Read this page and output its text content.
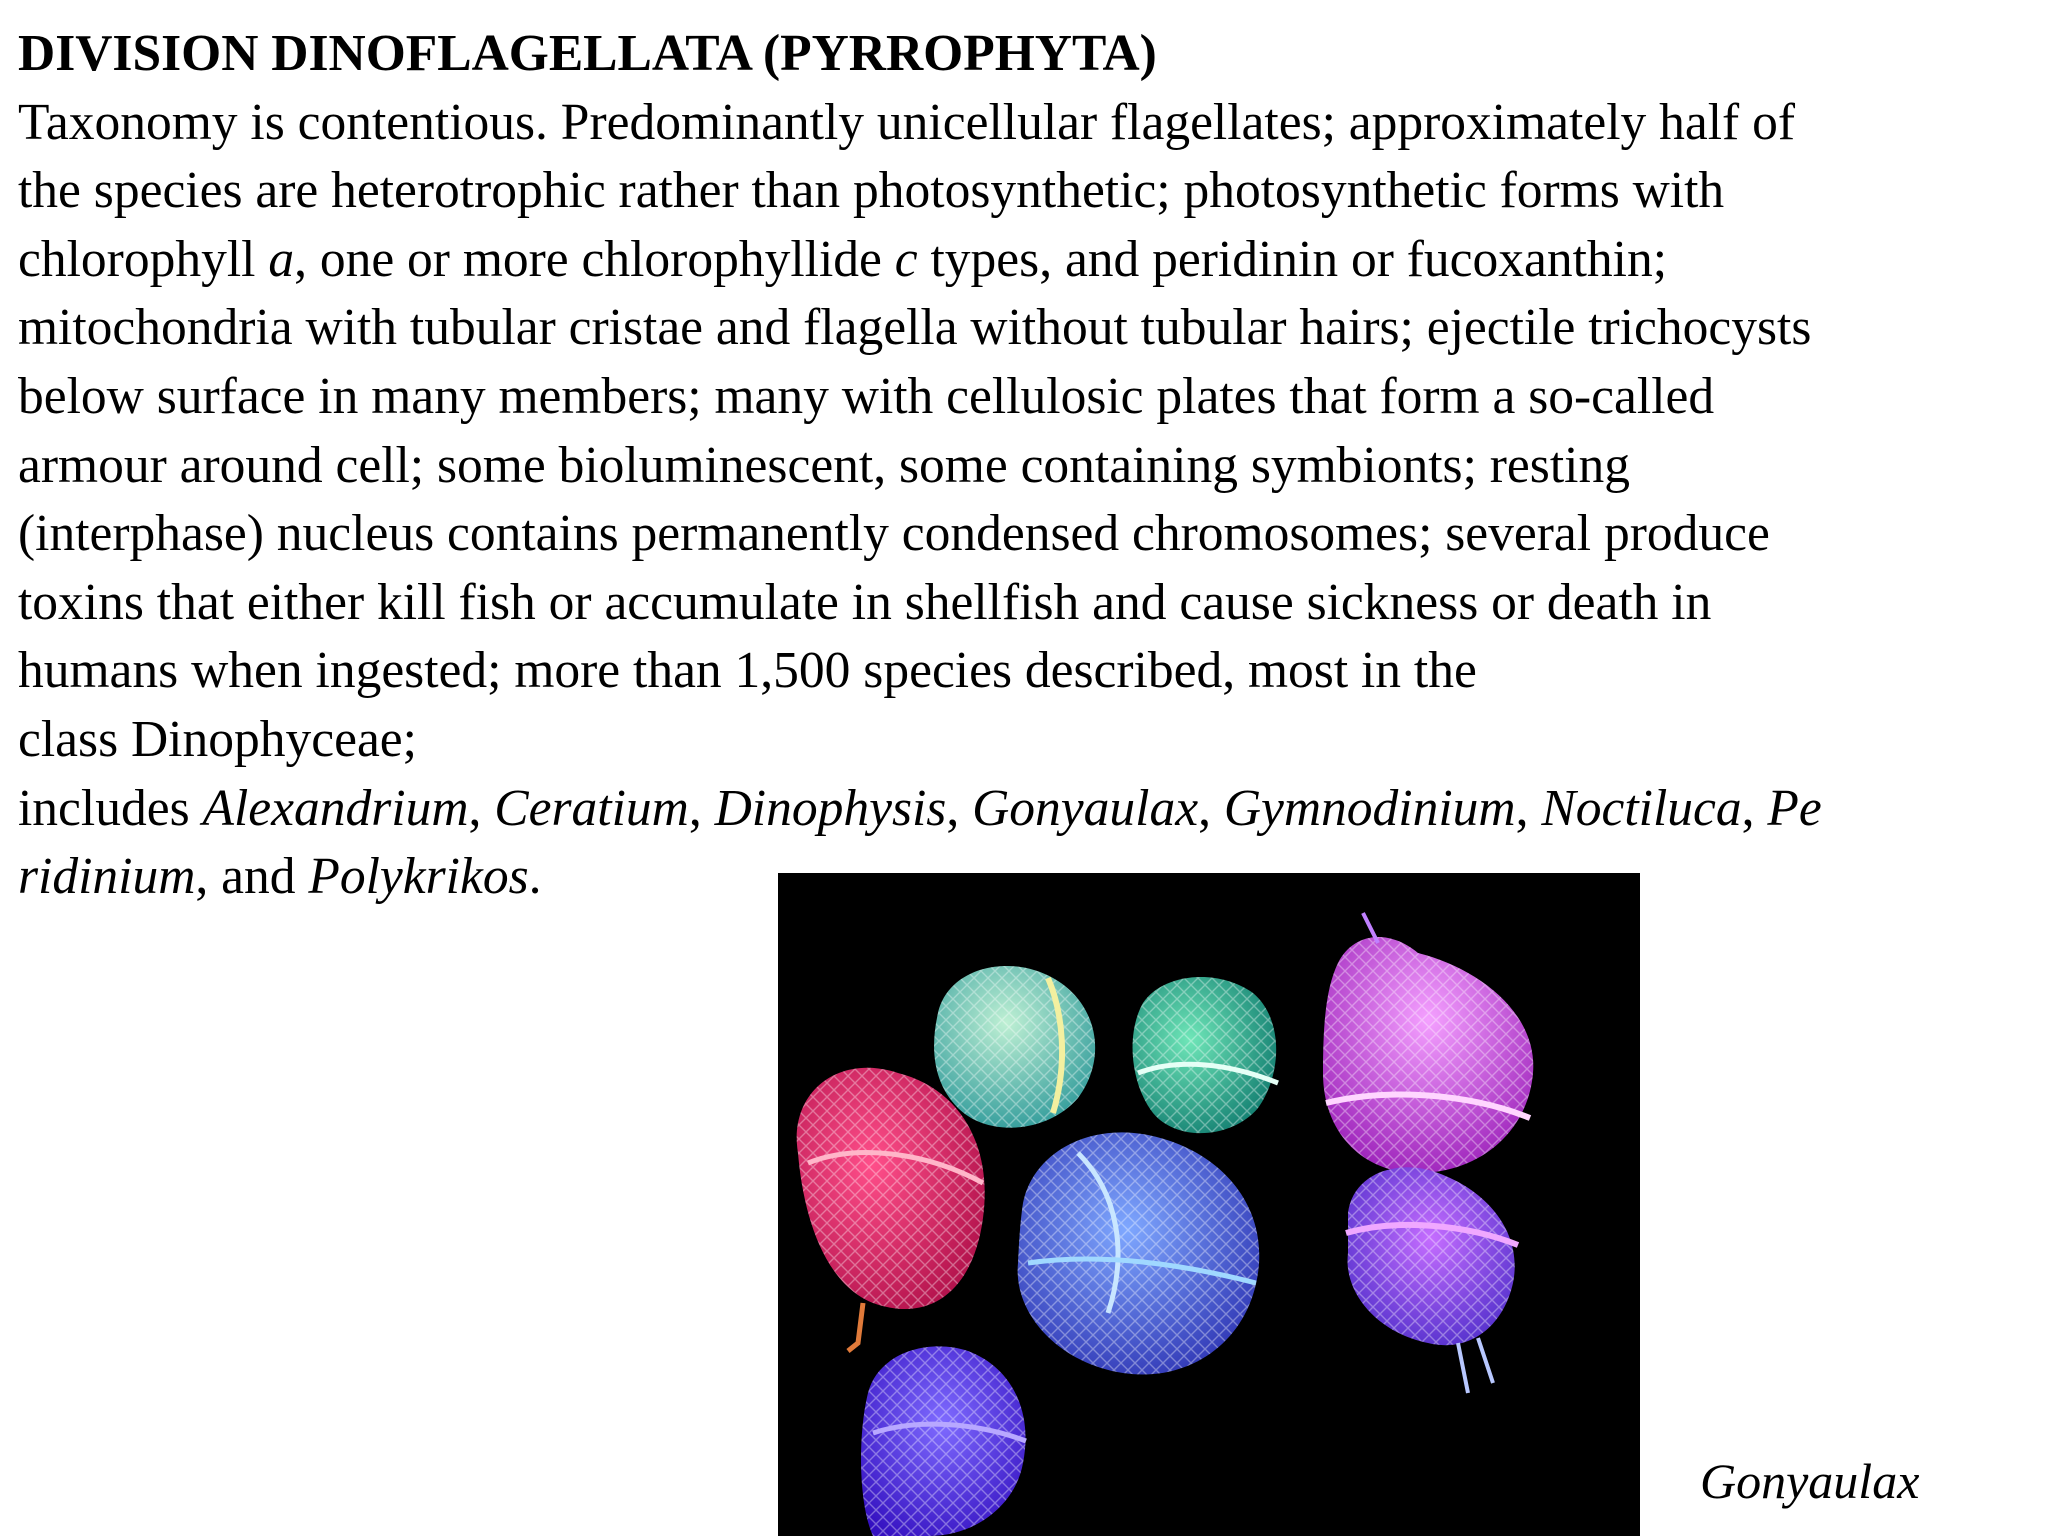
DIVISION DINOFLAGELLATA (PYRROPHYTA)
Taxonomy is contentious. Predominantly unicellular flagellates; approximately half of
the species are heterotrophic rather than photosynthetic; photosynthetic forms with
chlorophyll a, one or more chlorophyllide c types, and peridinin or fucoxanthin;
mitochondria with tubular cristae and flagella without tubular hairs; ejectile trichocysts
below surface in many members; many with cellulosic plates that form a so-called
armour around cell; some bioluminescent, some containing symbionts; resting
(interphase) nucleus contains permanently condensed chromosomes; several produce
toxins that either kill fish or accumulate in shellfish and cause sickness or death in
humans when ingested; more than 1,500 species described, most in the
class Dinophyceae;
includes Alexandrium, Ceratium, Dinophysis, Gonyaulax, Gymnodinium, Noctiluca, Pe
ridinium, and Polykrikos.
Gonyaulax
